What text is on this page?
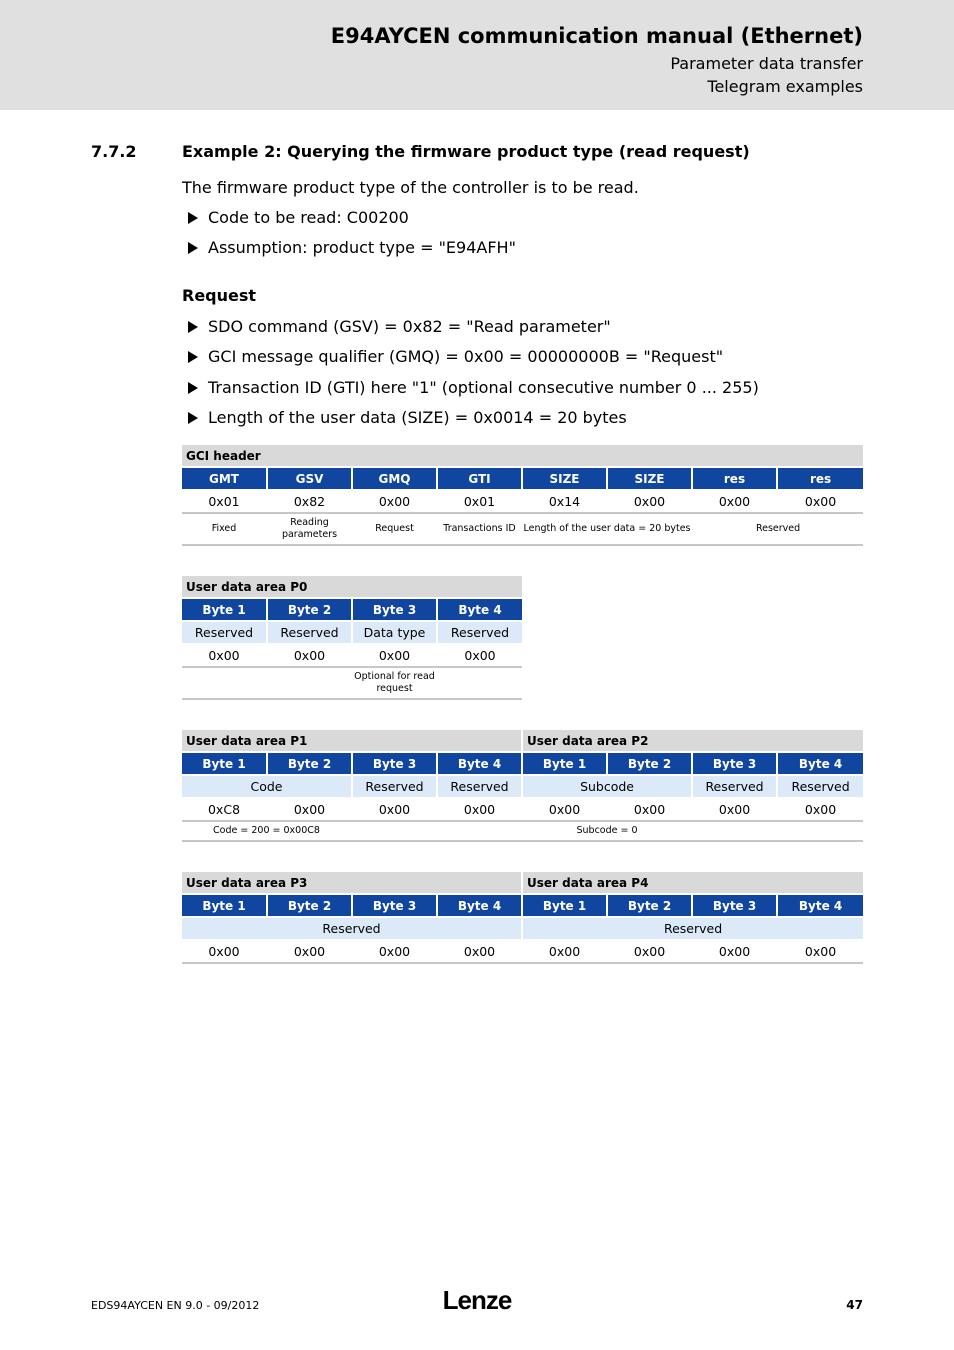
E94AYCEN communication manual (Ethernet)
Parameter data transfer
Telegram examples
7.7.2	Example 2: Querying the firmware product type (read request)
The firmware product type of the controller is to be read.
Code to be read: C00200
Assumption: product type = "E94AFH"
Request
SDO command (GSV) = 0x82 = "Read parameter"
GCI message qualifier (GMQ) = 0x00 = 00000000B = "Request"
Transaction ID (GTI) here "1" (optional consecutive number 0 ... 255)
Length of the user data (SIZE) = 0x0014 = 20 bytes
GCI header							
GMT	GSV	GMQ	GTI	SIZE	SIZE	res	res
0x01	0x82	0x00	0x01	0x14	0x00	0x00	0x00
Fixed	Reading parameters	Request	Transactions ID	Length of the user data = 20 bytes		Reserved	
User data area P0			
Byte 1	Byte 2	Byte 3	Byte 4
Reserved	Reserved	Data type	Reserved
0x00	0x00	0x00	0x00
		Optional for read request	
User data area P1				User data area P2			
Byte 1	Byte 2	Byte 3	Byte 4	Byte 1	Byte 2	Byte 3	Byte 4
Code		Reserved	Reserved	Subcode		Reserved	Reserved
0xC8	0x00	0x00	0x00	0x00	0x00	0x00	0x00
Code = 200 = 0x00C8				Subcode = 0			
User data area P3				User data area P4			
Byte 1	Byte 2	Byte 3	Byte 4	Byte 1	Byte 2	Byte 3	Byte 4
Reserved				Reserved			
0x00	0x00	0x00	0x00	0x00	0x00	0x00	0x00
EDS94AYCEN EN 9.0 - 09/2012	Lenze	47
